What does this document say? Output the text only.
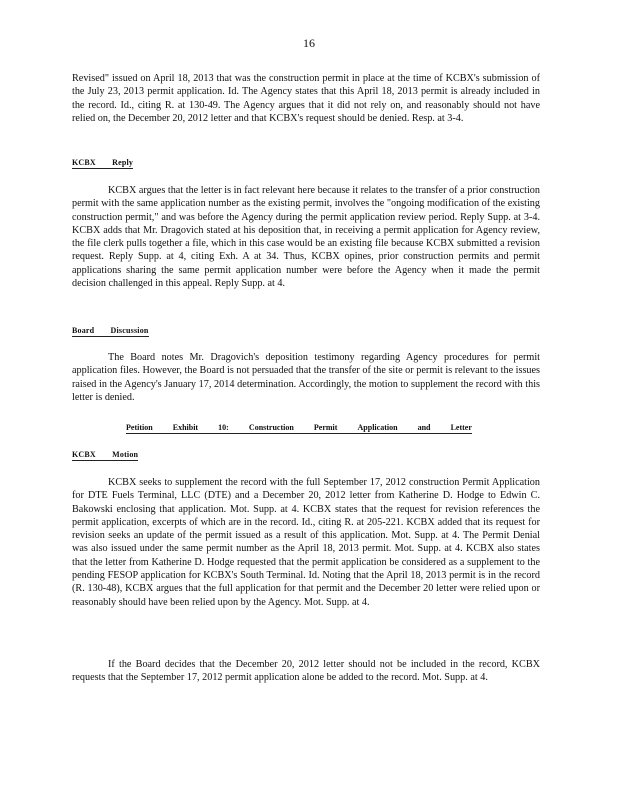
16

Revised" issued on April 18, 2013 that was the construction permit in place at the time of KCBX's submission of the July 23, 2013 permit application. Id. The Agency states that this April 18, 2013 permit is already included in the record. Id., citing R. at 130-49. The Agency argues that it did not rely on, and reasonably should not have relied on, the December 20, 2012 letter and that KCBX's request should be denied. Resp. at 3-4.

KCBX Reply

KCBX argues that the letter is in fact relevant here because it relates to the transfer of a prior construction permit with the same application number as the existing permit, involves the "ongoing modification of the existing construction permit," and was before the Agency during the permit application review period. Reply Supp. at 3-4. KCBX adds that Mr. Dragovich stated at his deposition that, in receiving a permit application for Agency review, the file clerk pulls together a file, which in this case would be an existing file because KCBX submitted a revision request. Reply Supp. at 4, citing Exh. A at 34. Thus, KCBX opines, prior construction permits and permit applications sharing the same permit application number were before the Agency when it made the permit decision challenged in this appeal. Reply Supp. at 4.

Board Discussion

The Board notes Mr. Dragovich's deposition testimony regarding Agency procedures for permit application files. However, the Board is not persuaded that the transfer of the site or permit is relevant to the issues raised in the Agency's January 17, 2014 determination. Accordingly, the motion to supplement the record with this letter is denied.

Petition	Exhibit	10:	Construction	Permit	Application	and	Letter
KCBX Motion

KCBX seeks to supplement the record with the full September 17, 2012 construction Permit Application for DTE Fuels Terminal, LLC (DTE) and a December 20, 2012 letter from Katherine D. Hodge to Edwin C. Bakowski enclosing that application. Mot. Supp. at 4. KCBX states that the request for revision references the permit application, excerpts of which are in the record. Id., citing R. at 205-221. KCBX added that its request for revision seeks an update of the permit issued as a result of this application. Mot. Supp. at 4. The Permit Denial was also issued under the same permit number as the April 18, 2013 permit. Mot. Supp. at 4. KCBX also states that the letter from Katherine D. Hodge requested that the permit application be considered as a supplement to the pending FESOP application for KCBX's South Terminal. Id. Noting that the April 18, 2013 permit is in the record (R. 130-48), KCBX argues that the full application for that permit and the December 20 letter were relied upon or reasonably should have been relied upon by the Agency. Mot. Supp. at 4.

If the Board decides that the December 20, 2012 letter should not be included in the record, KCBX requests that the September 17, 2012 permit application alone be added to the record. Mot. Supp. at 4.
